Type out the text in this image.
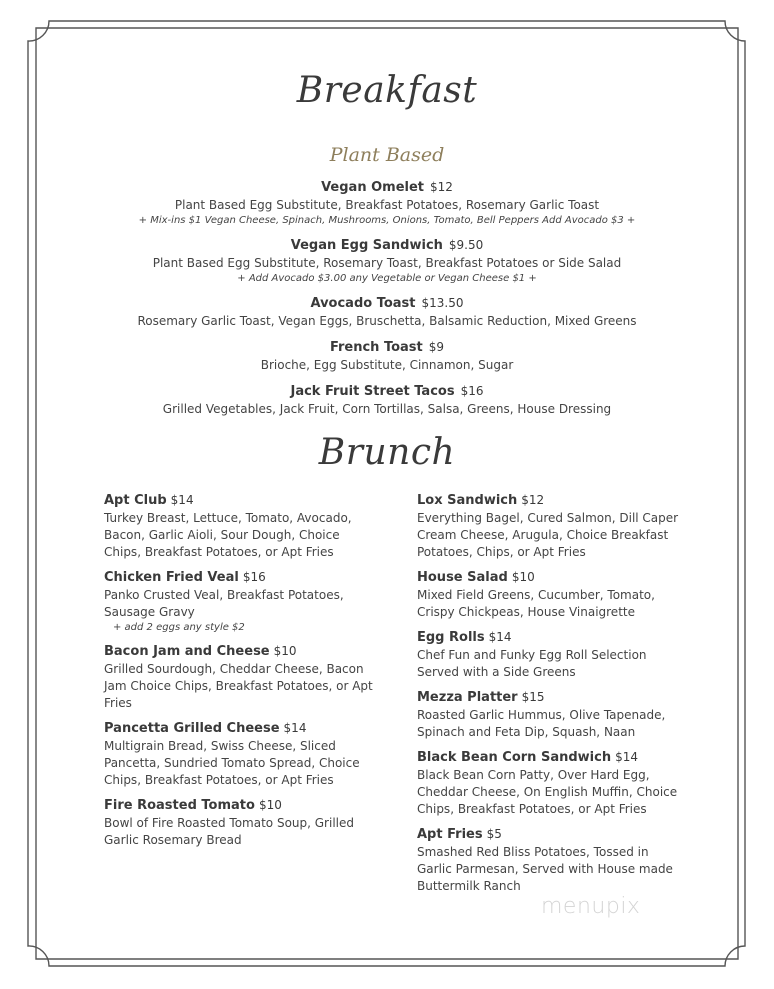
Breakfast
Plant Based
Vegan Omelet $12
Plant Based Egg Substitute, Breakfast Potatoes, Rosemary Garlic Toast
+ Mix-ins $1 Vegan Cheese, Spinach, Mushrooms, Onions, Tomato, Bell Peppers Add Avocado $3 +
Vegan Egg Sandwich $9.50
Plant Based Egg Substitute, Rosemary Toast, Breakfast Potatoes or Side Salad
+ Add Avocado $3.00 any Vegetable or Vegan Cheese $1 +
Avocado Toast $13.50
Rosemary Garlic Toast, Vegan Eggs, Bruschetta, Balsamic Reduction, Mixed Greens
French Toast $9
Brioche, Egg Substitute, Cinnamon, Sugar
Jack Fruit Street Tacos $16
Grilled Vegetables, Jack Fruit, Corn Tortillas, Salsa, Greens, House Dressing
Brunch
Apt Club $14
Turkey Breast, Lettuce, Tomato, Avocado, Bacon, Garlic Aioli, Sour Dough, Choice Chips, Breakfast Potatoes, or Apt Fries
Chicken Fried Veal $16
Panko Crusted Veal, Breakfast Potatoes, Sausage Gravy
+ add 2 eggs any style $2
Bacon Jam and Cheese $10
Grilled Sourdough, Cheddar Cheese, Bacon Jam Choice Chips, Breakfast Potatoes, or Apt Fries
Pancetta Grilled Cheese $14
Multigrain Bread, Swiss Cheese, Sliced Pancetta, Sundried Tomato Spread, Choice Chips, Breakfast Potatoes, or Apt Fries
Fire Roasted Tomato $10
Bowl of Fire Roasted Tomato Soup, Grilled Garlic Rosemary Bread
Lox Sandwich $12
Everything Bagel, Cured Salmon, Dill Caper Cream Cheese, Arugula, Choice Breakfast Potatoes, Chips, or Apt Fries
House Salad $10
Mixed Field Greens, Cucumber, Tomato, Crispy Chickpeas, House Vinaigrette
Egg Rolls $14
Chef Fun and Funky Egg Roll Selection Served with a Side Greens
Mezza Platter $15
Roasted Garlic Hummus, Olive Tapenade, Spinach and Feta Dip, Squash, Naan
Black Bean Corn Sandwich $14
Black Bean Corn Patty, Over Hard Egg, Cheddar Cheese, On English Muffin, Choice Chips, Breakfast Potatoes, or Apt Fries
Apt Fries $5
Smashed Red Bliss Potatoes, Tossed in Garlic Parmesan, Served with House made Buttermilk Ranch
menupix
